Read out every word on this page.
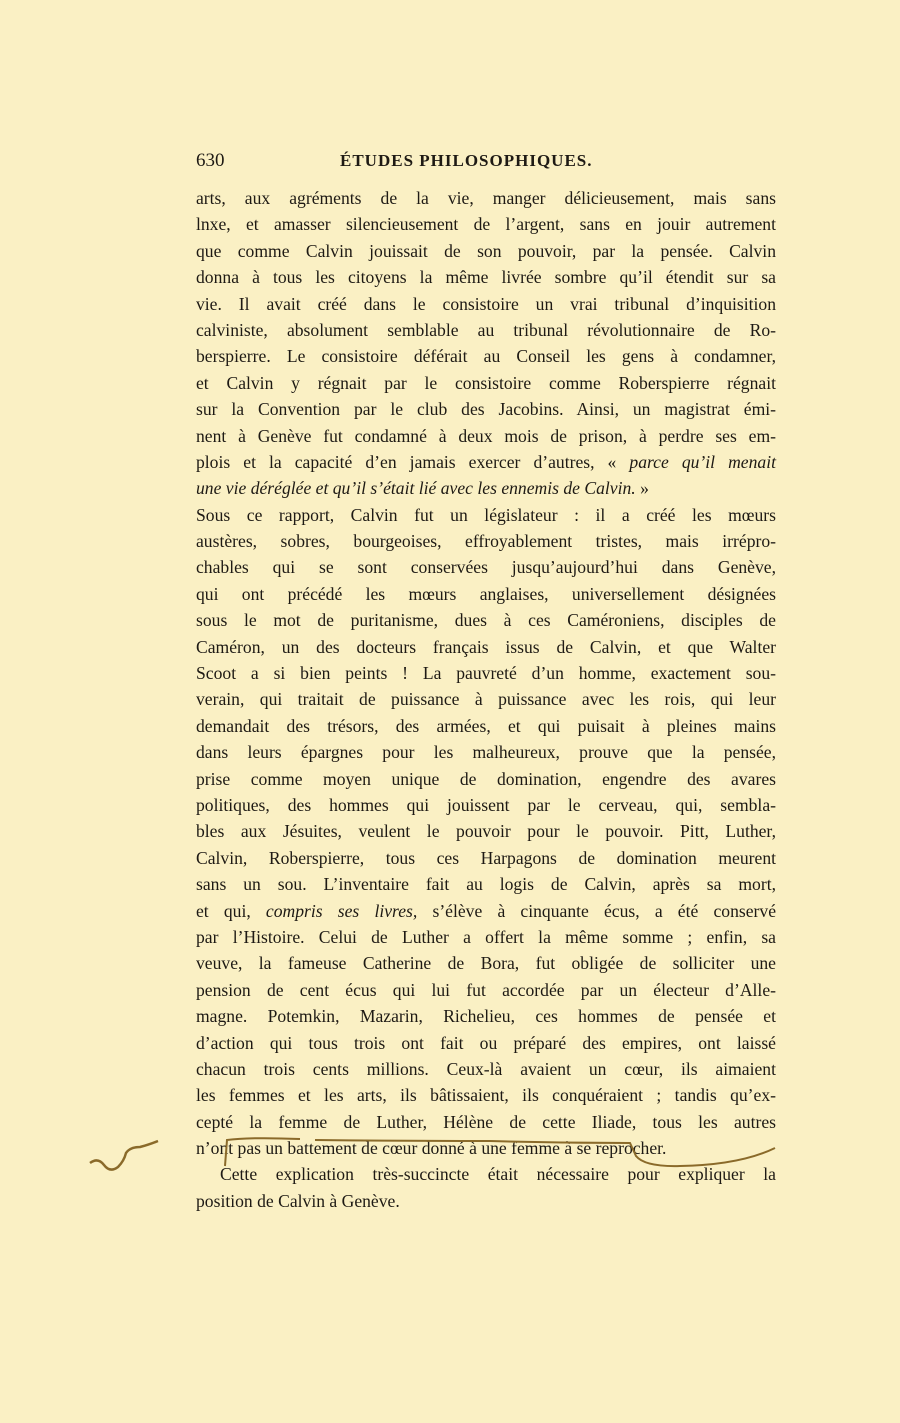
630	ÉTUDES PHILOSOPHIQUES.
arts, aux agréments de la vie, manger délicieusement, mais sans
lnxe, et amasser silencieusement de l’argent, sans en jouir autrement
que comme Calvin jouissait de son pouvoir, par la pensée. Calvin
donna à tous les citoyens la même livrée sombre qu’il étendit sur sa
vie. Il avait créé dans le consistoire un vrai tribunal d’inquisition
calviniste, absolument semblable au tribunal révolutionnaire de Ro-
berspierre. Le consistoire déférait au Conseil les gens à condamner,
et Calvin y régnait par le consistoire comme Roberspierre régnait
sur la Convention par le club des Jacobins. Ainsi, un magistrat émi-
nent à Genève fut condamné à deux mois de prison, à perdre ses em-
plois et la capacité d’en jamais exercer d’autres, « parce qu’il menait
une vie déréglée et qu’il s’était lié avec les ennemis de Calvin. »
Sous ce rapport, Calvin fut un législateur : il a créé les mœurs
austères, sobres, bourgeoises, effroyablement tristes, mais irrépro-
chables qui se sont conservées jusqu’aujourd’hui dans Genève,
qui ont précédé les mœurs anglaises, universellement désignées
sous le mot de puritanisme, dues à ces Caméroniens, disciples de
Caméron, un des docteurs français issus de Calvin, et que Walter
Scoot a si bien peints ! La pauvreté d’un homme, exactement sou-
verain, qui traitait de puissance à puissance avec les rois, qui leur
demandait des trésors, des armées, et qui puisait à pleines mains
dans leurs épargnes pour les malheureux, prouve que la pensée,
prise comme moyen unique de domination, engendre des avares
politiques, des hommes qui jouissent par le cerveau, qui, sembla-
bles aux Jésuites, veulent le pouvoir pour le pouvoir. Pitt, Luther,
Calvin, Roberspierre, tous ces Harpagons de domination meurent
sans un sou. L’inventaire fait au logis de Calvin, après sa mort,
et qui, compris ses livres, s’élève à cinquante écus, a été conservé
par l’Histoire. Celui de Luther a offert la même somme ; enfin, sa
veuve, la fameuse Catherine de Bora, fut obligée de solliciter une
pension de cent écus qui lui fut accordée par un électeur d’Alle-
magne. Potemkin, Mazarin, Richelieu, ces hommes de pensée et
d’action qui tous trois ont fait ou préparé des empires, ont laissé
chacun trois cents millions. Ceux-là avaient un cœur, ils aimaient
les femmes et les arts, ils bâtissaient, ils conquéraient ; tandis qu’ex-
cepté la femme de Luther, Hélène de cette Iliade, tous les autres
n’ont pas un battement de cœur donné à une femme à se reprocher.
Cette explication très-succincte était nécessaire pour expliquer la
position de Calvin à Genève.
